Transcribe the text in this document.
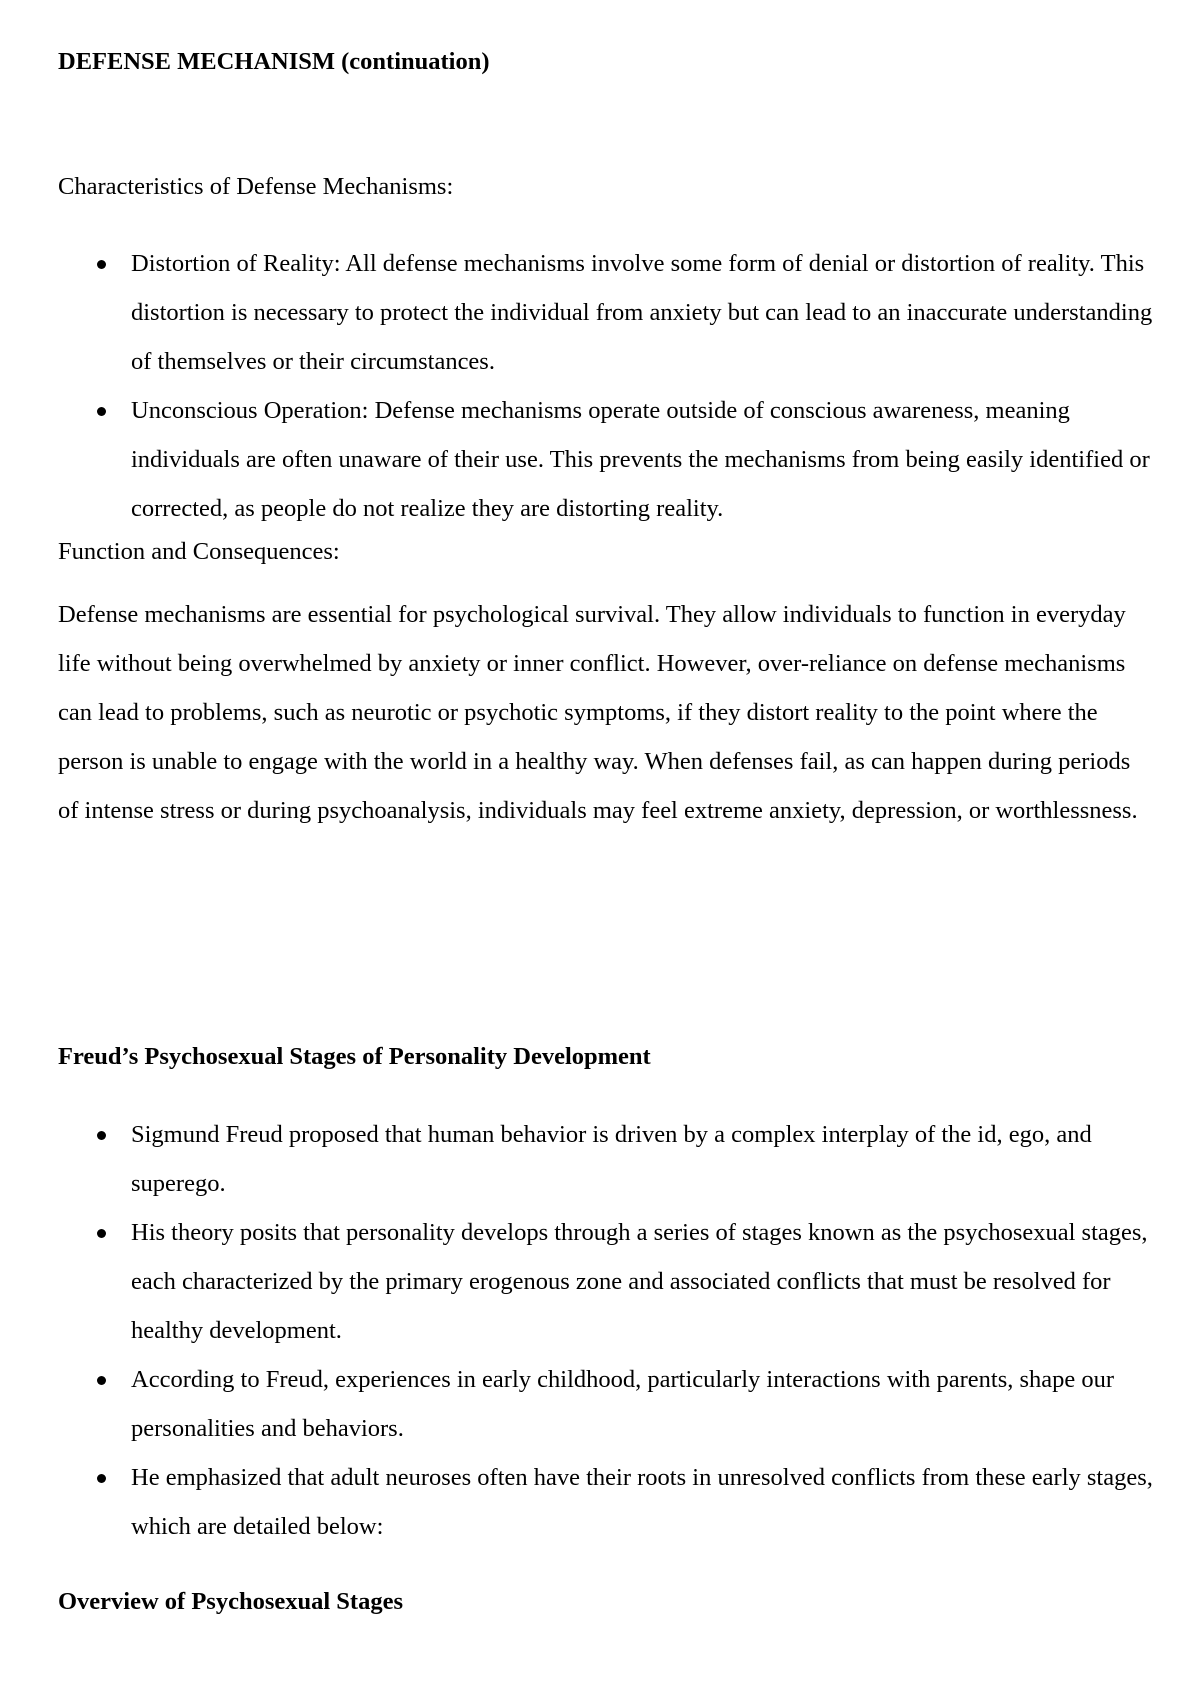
DEFENSE MECHANISM (continuation)

Characteristics of Defense Mechanisms:

Distortion of Reality: All defense mechanisms involve some form of denial or distortion of reality. This distortion is necessary to protect the individual from anxiety but can lead to an inaccurate understanding of themselves or their circumstances.
Unconscious Operation: Defense mechanisms operate outside of conscious awareness, meaning individuals are often unaware of their use. This prevents the mechanisms from being easily identified or corrected, as people do not realize they are distorting reality.

Function and Consequences:

Defense mechanisms are essential for psychological survival. They allow individuals to function in everyday life without being overwhelmed by anxiety or inner conflict. However, over-reliance on defense mechanisms can lead to problems, such as neurotic or psychotic symptoms, if they distort reality to the point where the person is unable to engage with the world in a healthy way. When defenses fail, as can happen during periods of intense stress or during psychoanalysis, individuals may feel extreme anxiety, depression, or worthlessness.

Freud’s Psychosexual Stages of Personality Development

Sigmund Freud proposed that human behavior is driven by a complex interplay of the id, ego, and superego.
His theory posits that personality develops through a series of stages known as the psychosexual stages, each characterized by the primary erogenous zone and associated conflicts that must be resolved for healthy development.
According to Freud, experiences in early childhood, particularly interactions with parents, shape our personalities and behaviors.
He emphasized that adult neuroses often have their roots in unresolved conflicts from these early stages, which are detailed below:

Overview of Psychosexual Stages
